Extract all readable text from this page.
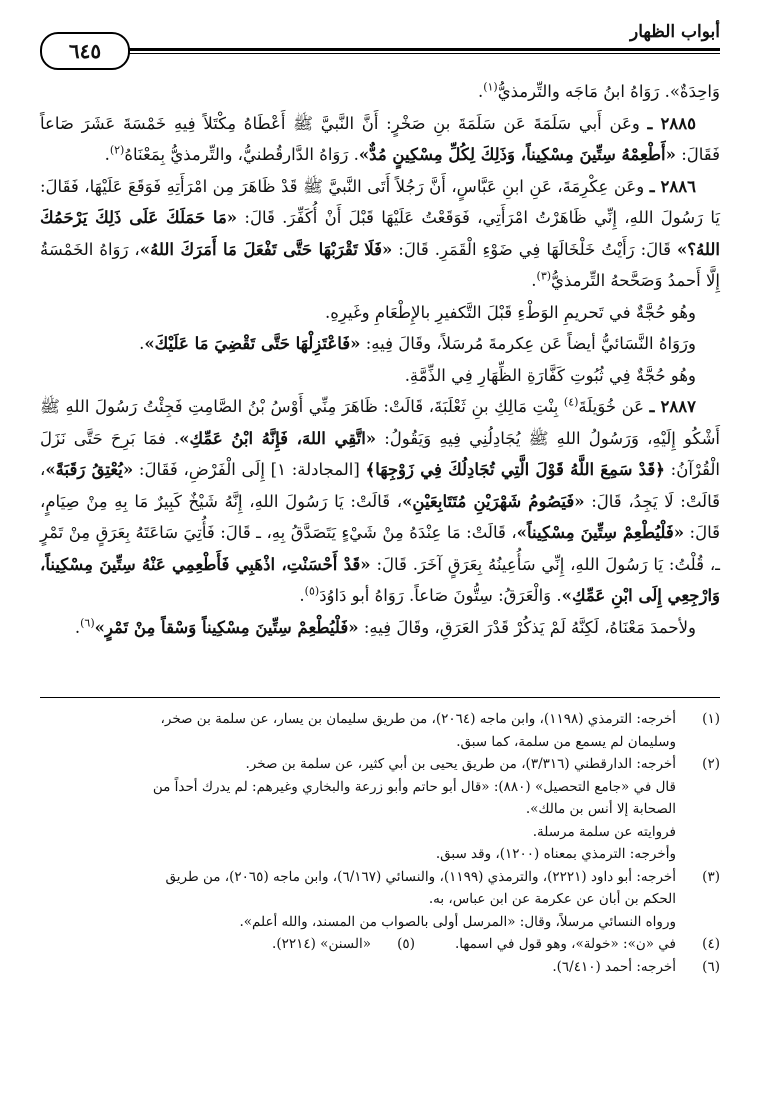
أبواب الظهار
٦٤٥

وَاحِدَةٌ». رَوَاهُ ابنُ مَاجَه والتِّرمذيُّ$^{(١)}$.

٢٨٨٥ ـ وعَن أَبي سَلَمَةَ عَن سَلَمَةَ بنِ صَخْرٍ: أَنَّ النَّبيَّ ﷺ أَعْطَاهُ مِكْتَلاً فِيهِ خَمْسَةَ عَشَرَ صَاعاً فَقَالَ: «أَطْعِمْهُ سِتِّينَ مِسْكِيناً، وَذَلِكَ لِكُلِّ مِسْكِينٍ مُدٌّ». رَوَاهُ الدَّارقُطنيُّ، والتِّرمذيُّ بِمَعْنَاهُ$^{(٢)}$.

٢٨٨٦ ـ وعَن عِكْرِمَةَ، عَنِ ابنِ عَبَّاسٍ، أَنَّ رَجُلاً أَتَى النَّبيَّ ﷺ قَدْ ظَاهَرَ مِن امْرَأَتِهِ فَوَقَعَ عَلَيْهَا، فَقَالَ: يَا رَسُولَ اللهِ، إِنِّي ظَاهَرْتُ امْرَأَتِي، فَوَقَعْتُ عَلَيْهَا قَبْلَ أَنْ أُكَفِّرَ. قَالَ: «مَا حَمَلَكَ عَلَى ذَلِكَ يَرْحَمُكَ اللهُ؟» قَالَ: رَأَيْتُ خَلْخَالَهَا فِي ضَوْءِ الْقَمَرِ. قَالَ: «فَلَا تَقْرَبْهَا حَتَّى تَفْعَلَ مَا أَمَرَكَ اللهُ»، رَوَاهُ الخَمْسَةُ إِلَّا أَحمدُ وَصَحَّحهُ التِّرمذيُّ$^{(٣)}$.

وهُو حُجَّةٌ في تَحريمِ الوَطْءِ قَبْلَ التَّكفيرِ بالإِطْعَامِ وغَيرِهِ.

ورَوَاهُ النَّسَائيُّ أيضاً عَن عِكرمةَ مُرسَلاً، وقَالَ فِيهِ: «فَاعْتَزِلْهَا حَتَّى تَقْضِيَ مَا عَلَيْكَ».

وهُو حُجَّةٌ فِي ثُبُوتِ كَفَّارَةِ الظِّهَارِ فِي الذِّمَّةِ.

٢٨٨٧ ـ عَن خُوَيلَةَ$^{(٤)}$ بِنْتِ مَالِكِ بنِ ثَعْلَبَةَ، قَالَتْ: ظَاهَرَ مِنِّي أَوْسُ بْنُ الصَّامِتِ فَجِئْتُ رَسُولَ اللهِ ﷺ أَشْكُو إِلَيْهِ، وَرَسُولُ اللهِ ﷺ يُجَادِلُنِي فِيهِ وَيَقُولُ: «اتَّقِي اللهَ، فَإِنَّهُ ابْنُ عَمِّكِ». فمَا بَرِحَ حَتَّى نَزَلَ الْقُرْآنُ: ﴿قَدْ سَمِعَ اللَّهُ قَوْلَ الَّتِي تُجَادِلُكَ فِي زَوْجِهَا﴾ [المجادلة: ١] إِلَى الْفَرْضِ، فَقَالَ: «يُعْتِقُ رَقَبَةً»، قَالَتْ: لَا يَجِدُ، قَالَ: «فَيَصُومُ شَهْرَيْنِ مُتَتَابِعَيْنِ»، قَالَتْ: يَا رَسُولَ اللهِ، إِنَّهُ شَيْخٌ كَبِيرٌ مَا بِهِ مِنْ صِيَامٍ، قَالَ: «فَلْيُطْعِمْ سِتِّينَ مِسْكِيناً»، قَالَتْ: مَا عِنْدَهُ مِنْ شَيْءٍ يَتَصَدَّقُ بِهِ، ـ قَالَ: فَأُتِيَ سَاعَتَهُ بِعَرَقٍ مِنْ تَمْرٍ ـ، قُلْتُ: يَا رَسُولَ اللهِ، إِنِّي سَأُعِينُهُ بِعَرَقٍ آخَرَ. قَالَ: «قَدْ أَحْسَنْتِ، اذْهَبِي فَأَطْعِمِي عَنْهُ سِتِّينَ مِسْكِيناً، وَارْجِعِي إِلَى ابْنِ عَمِّكِ». وَالْعَرَقُ: سِتُّونَ صَاعاً. رَوَاهُ أبو دَاوُدَ$^{(٥)}$.

ولأحمدَ مَعْنَاهُ، لَكِنَّهُ لَمْ يَذكُرْ قَدْرَ العَرَقِ، وقَالَ فِيهِ: «فَلْيُطْعِمْ سِتِّينَ مِسْكِيناً وَسْقاً مِنْ تَمْرٍ»$^{(٦)}$.

(١)
أخرجه: الترمذي (١١٩٨)، وابن ماجه (٢٠٦٤)، من طريق سليمان بن يسار، عن سلمة بن صخر،
وسليمان لم يسمع من سلمة، كما سبق.
(٢)
أخرجه: الدارقطني (٣/٣١٦)، من طريق يحيى بن أبي كثير، عن سلمة بن صخر.
قال في «جامع التحصيل» (٨٨٠): «قال أبو حاتم وأبو زرعة والبخاري وغيرهم: لم يدرك أحداً من
الصحابة إلا أنس بن مالك».
فروايته عن سلمة مرسلة.
وأخرجه: الترمذي بمعناه (١٢٠٠)، وقد سبق.
(٣)
أخرجه: أبو داود (٢٢٢١)، والترمذي (١١٩٩)، والنسائي (٦/١٦٧)، وابن ماجه (٢٠٦٥)، من طريق
الحكم بن أبان عن عكرمة عن ابن عباس، به.
ورواه النسائي مرسلاً، وقال: «المرسل أولى بالصواب من المسند، والله أعلم».
(٤)
في «ن»: «خولة»، وهو قول في اسمها.
(٥)
«السنن» (٢٢١٤).
(٦)
أخرجه: أحمد (٦/٤١٠).
